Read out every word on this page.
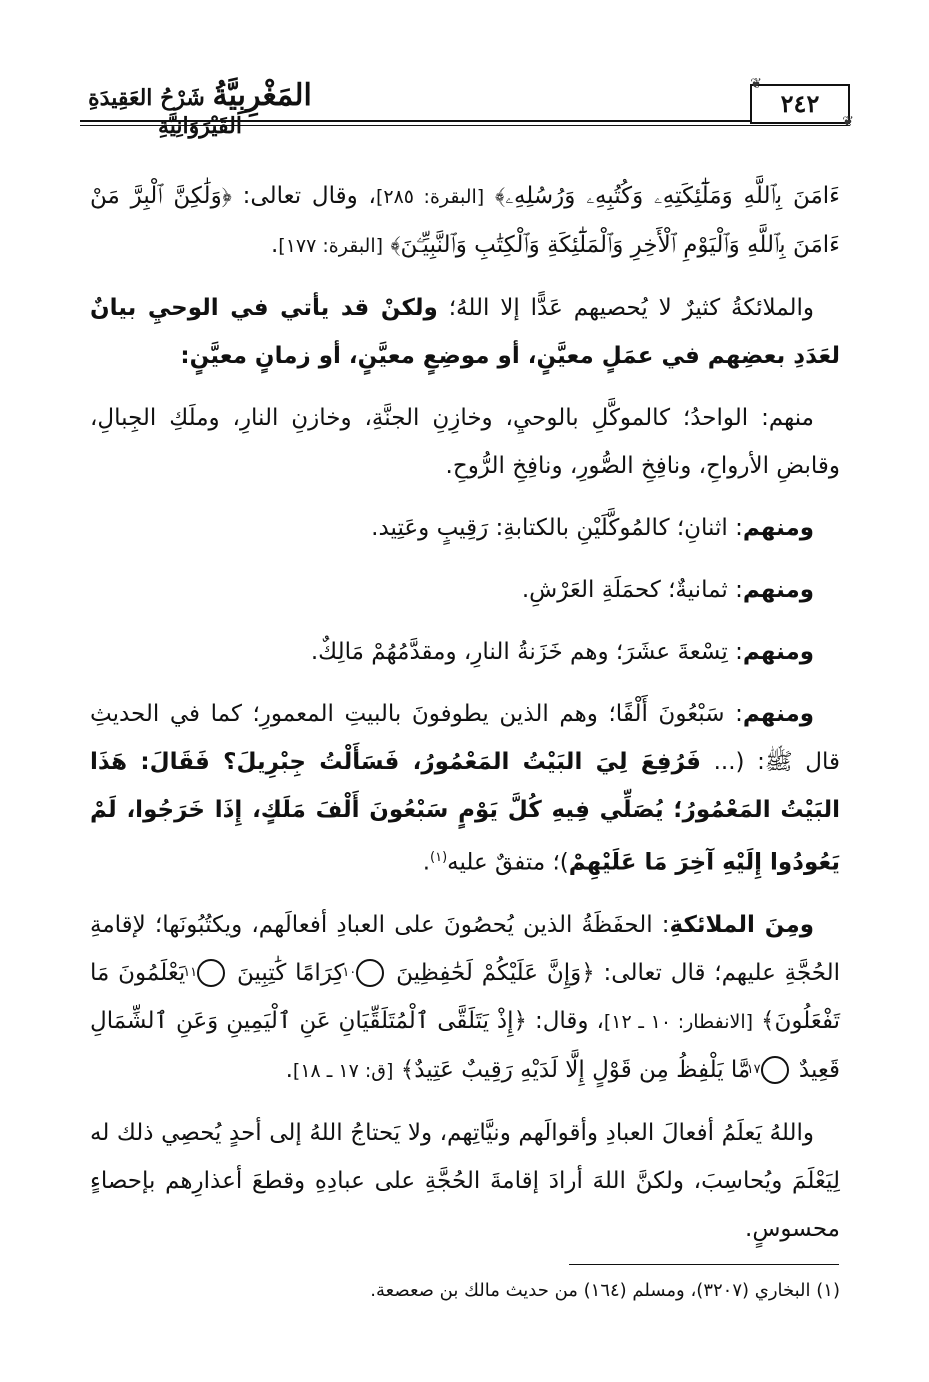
المَغْرِبِيَّةُ شَرْحُ العَقِيدَةِ القَيْرَوَانِيَّةِ
٢٤٢
❦
❦

ءَامَنَ بِٱللَّهِ وَمَلَٰٓئِكَتِهِۦ وَكُتُبِهِۦ وَرُسُلِهِۦ﴾ [البقرة: ٢٨٥]، وقال تعالى: ﴿وَلَٰكِنَّ ٱلْبِرَّ مَنْ ءَامَنَ بِٱللَّهِ وَٱلْيَوْمِ ٱلْأَخِرِ وَٱلْمَلَٰٓئِكَةِ وَٱلْكِتَٰبِ وَٱلنَّبِيِّـۧنَ﴾ [البقرة: ١٧٧].

والملائكةُ كثيرٌ لا يُحصيهم عَدًّا إلا اللهُ؛ ولكنْ قد يأتي في الوحيِ بيانٌ لعَدَدِ بعضِهم في عمَلٍ معيَّنٍ، أو موضِعٍ معيَّنٍ، أو زمانٍ معيَّنٍ:

منهم: الواحدُ؛ كالموكَّلِ بالوحيِ، وخازِنِ الجنَّةِ، وخازنِ النارِ، وملَكِ الجِبالِ، وقابضِ الأرواحِ، ونافِخِ الصُّورِ، ونافِخِ الرُّوحِ.

ومنهم: اثنانِ؛ كالمُوكَّلَيْنِ بالكتابةِ: رَقِيبٍ وعَتِيد.

ومنهم: ثمانيةٌ؛ كحمَلَةِ العَرْشِ.

ومنهم: تِسْعةَ عشَرَ؛ وهم خَزَنةُ النارِ، ومقدَّمُهُمْ مَالِكٌ.

ومنهم: سَبْعُونَ أَلْفًا؛ وهم الذين يطوفونَ بالبيتِ المعمورِ؛ كما في الحديثِ قال ﷺ: (... فَرُفِعَ لِيَ البَيْتُ المَعْمُورُ، فَسَأَلْتُ جِبْرِيلَ؟ فَقَالَ: هَذَا البَيْتُ المَعْمُورُ؛ يُصَلِّي فِيهِ كُلَّ يَوْمٍ سَبْعُونَ أَلْفَ مَلَكٍ، إِذَا خَرَجُوا، لَمْ يَعُودُوا إِلَيْهِ آخِرَ مَا عَلَيْهِمْ)؛ متفقٌ عليه$^{(١)}$.

ومِنَ الملائكةِ: الحفَظَةُ الذين يُحصُونَ على العبادِ أفعالَهم، ويكتُبُونَها؛ لإقامةِ الحُجَّةِ عليهم؛ قال تعالى: ﴿وَإِنَّ عَلَيْكُمْ لَحَٰفِظِينَ ١٠ كِرَامًا كَٰتِبِينَ ١١ يَعْلَمُونَ مَا تَفْعَلُونَ﴾ [الانفطار: ١٠ ـ ١٢]، وقال: ﴿إِذْ يَتَلَقَّى ٱلْمُتَلَقِّيَانِ عَنِ ٱلْيَمِينِ وَعَنِ ٱلشِّمَالِ قَعِيدٌ ١٧ مَّا يَلْفِظُ مِن قَوْلٍ إِلَّا لَدَيْهِ رَقِيبٌ عَتِيدٌ﴾ [ق: ١٧ ـ ١٨].

واللهُ يَعلَمُ أفعالَ العبادِ وأقوالَهم ونيَّاتِهم، ولا يَحتاجُ اللهُ إلى أحدٍ يُحصِي ذلك له لِيَعْلَمَ ويُحاسِبَ، ولكنَّ اللهَ أرادَ إقامةَ الحُجَّةِ على عبادِهِ وقطعَ أعذارِهم بإحصاءٍ محسوسٍ.

(١) البخاري (٣٢٠٧)، ومسلم (١٦٤) من حديث مالك بن صعصعة.
